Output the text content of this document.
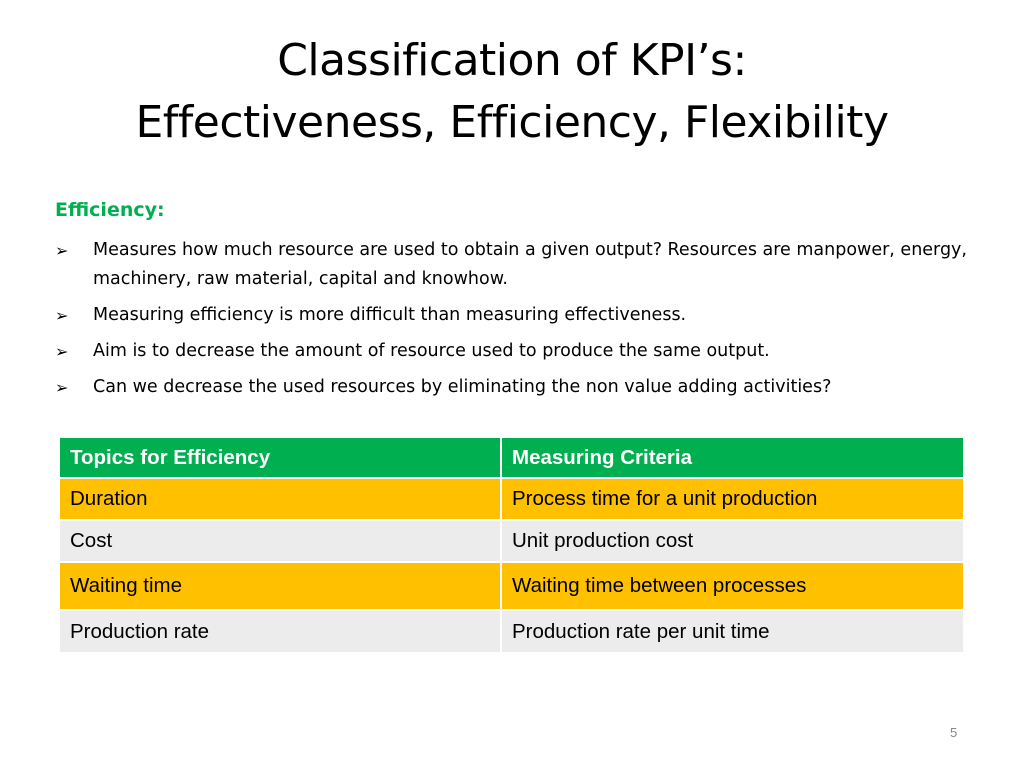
Classification of KPI’s:
Effectiveness, Efficiency, Flexibility
Efficiency:
➢ Measures how much resource are used to obtain a given output? Resources are manpower, energy, machinery, raw material, capital and knowhow.
➢ Measuring efficiency is more difficult than measuring effectiveness.
➢ Aim is to decrease the amount of resource used to produce the same output.
➢ Can we decrease the used resources by eliminating the non value adding activities?
Topics for Efficiency	Measuring Criteria
Duration	Process time for a unit production
Cost	Unit production cost
Waiting time	Waiting time between processes
Production rate	Production rate per unit time
5
